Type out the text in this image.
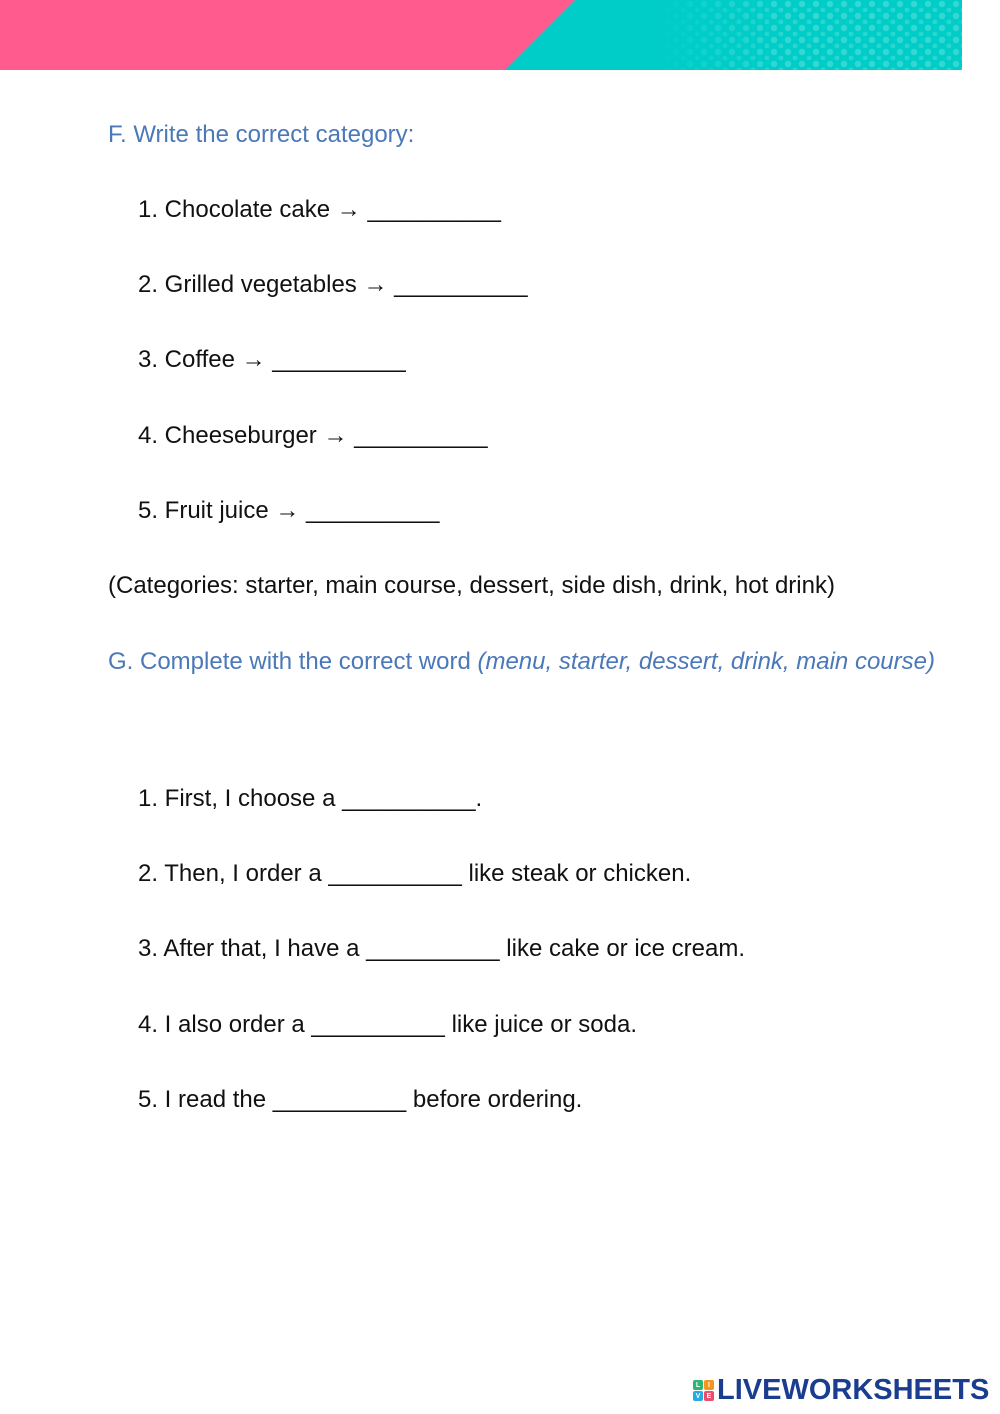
F. Write the correct category:
1. Chocolate cake → __________
2. Grilled vegetables → __________
3. Coffee → __________
4. Cheeseburger → __________
5. Fruit juice → __________
(Categories: starter, main course, dessert, side dish, drink, hot drink)
G. Complete with the correct word (menu, starter, dessert, drink, main course)
1. First, I choose a __________.
2. Then, I order a __________ like steak or chicken.
3. After that, I have a __________ like cake or ice cream.
4. I also order a __________ like juice or soda.
5. I read the __________ before ordering.
L	I
V E LIVEWORKSHEETS
